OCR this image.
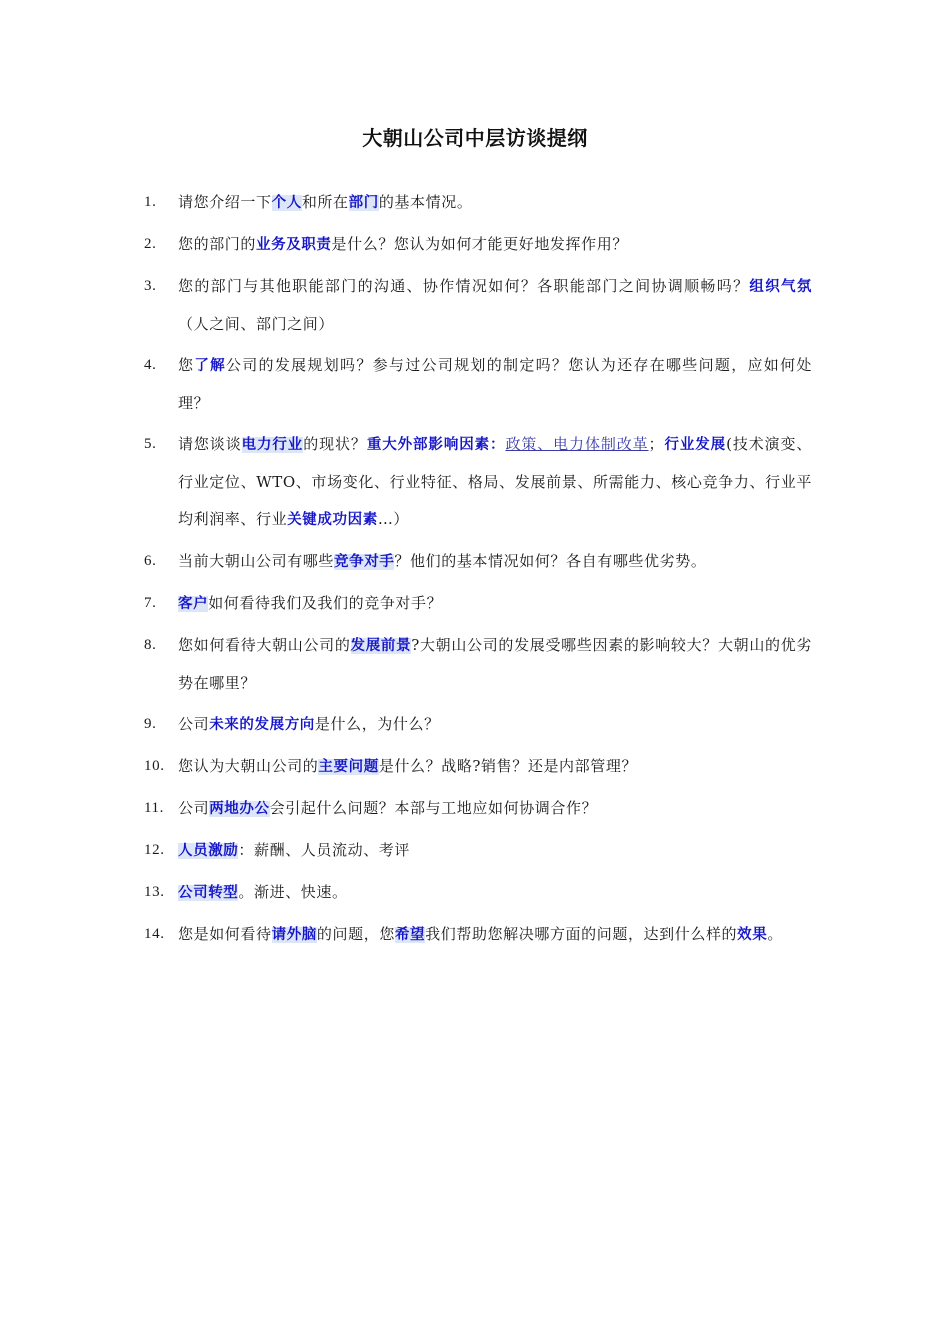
大朝山公司中层访谈提纲
1.	请您介绍一下个人和所在部门的基本情况。
2.	您的部门的业务及职责是什么？您认为如何才能更好地发挥作用？
3.	您的部门与其他职能部门的沟通、协作情况如何？各职能部门之间协调顺畅吗？组织气氛（人之间、部门之间）
4.	您了解公司的发展规划吗？参与过公司规划的制定吗？您认为还存在哪些问题，应如何处理？
5.	请您谈谈电力行业的现状？重大外部影响因素：政策、电力体制改革；行业发展(技术演变、行业定位、WTO、市场变化、行业特征、格局、发展前景、所需能力、核心竞争力、行业平均利润率、行业关键成功因素…）
6.	当前大朝山公司有哪些竞争对手？他们的基本情况如何？各自有哪些优劣势。
7.	客户如何看待我们及我们的竞争对手？
8.	您如何看待大朝山公司的发展前景?大朝山公司的发展受哪些因素的影响较大？大朝山的优劣势在哪里？
9.	公司未来的发展方向是什么，为什么？
10. 您认为大朝山公司的主要问题是什么？战略?销售？还是内部管理？
11. 公司两地办公会引起什么问题？本部与工地应如何协调合作？
12. 人员激励：薪酬、人员流动、考评
13. 公司转型。渐进、快速。
14. 您是如何看待请外脑的问题，您希望我们帮助您解决哪方面的问题，达到什么样的效果。
